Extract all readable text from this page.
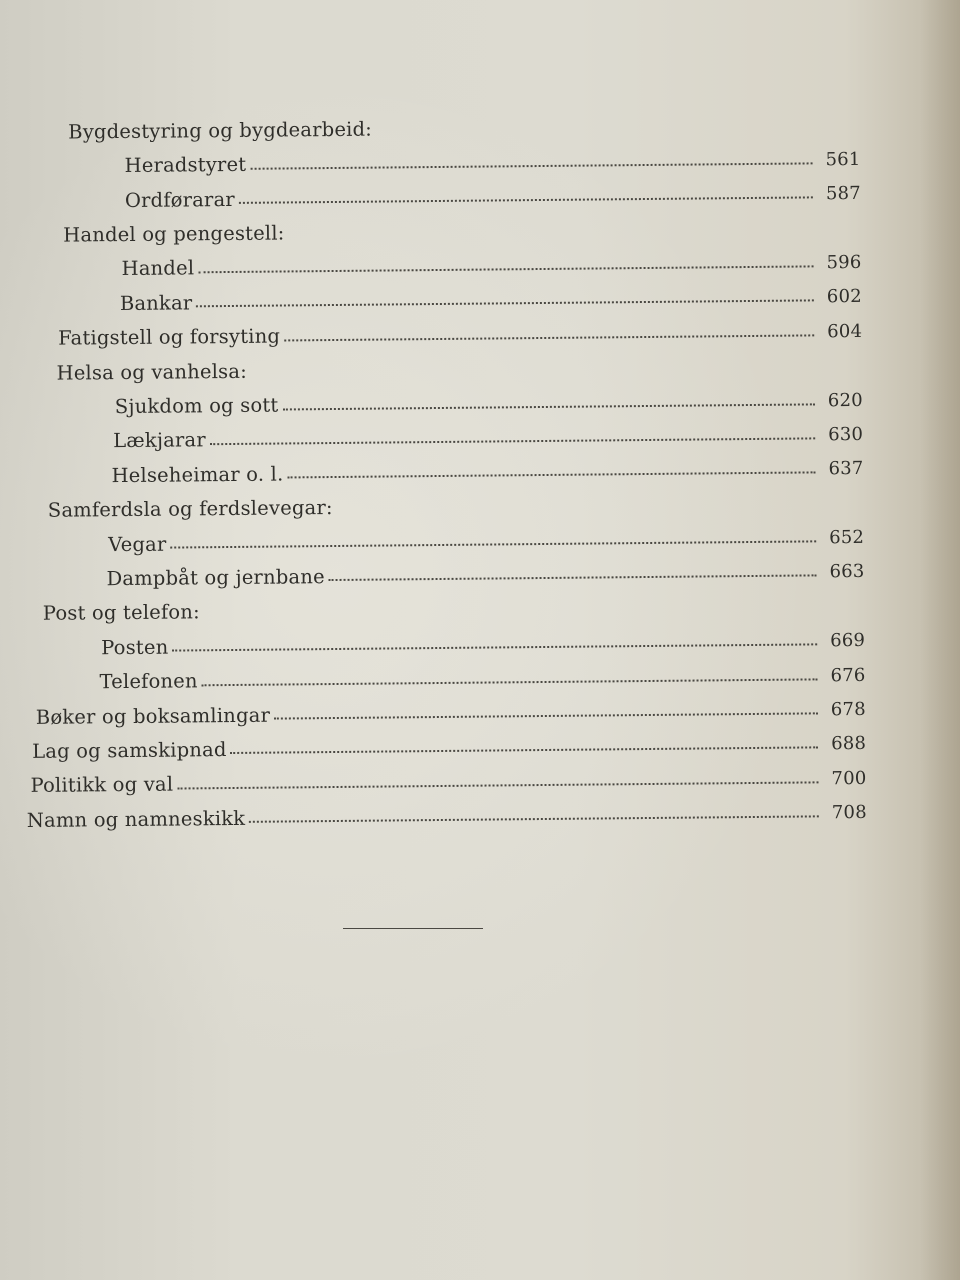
Bygdestyring og bygdearbeid:
Heradstyret	561
Ordførarar	587
Handel og pengestell:
Handel	596
Bankar	602
Fatigstell og forsyting	604
Helsa og vanhelsa:
Sjukdom og sott	620
Lækjarar	630
Helseheimar o. l.	637
Samferdsla og ferdslevegar:
Vegar	652
Dampbåt og jernbane	663
Post og telefon:
Posten	669
Telefonen	676
Bøker og boksamlingar	678
Lag og samskipnad	688
Politikk og val	700
Namn og namneskikk	708
